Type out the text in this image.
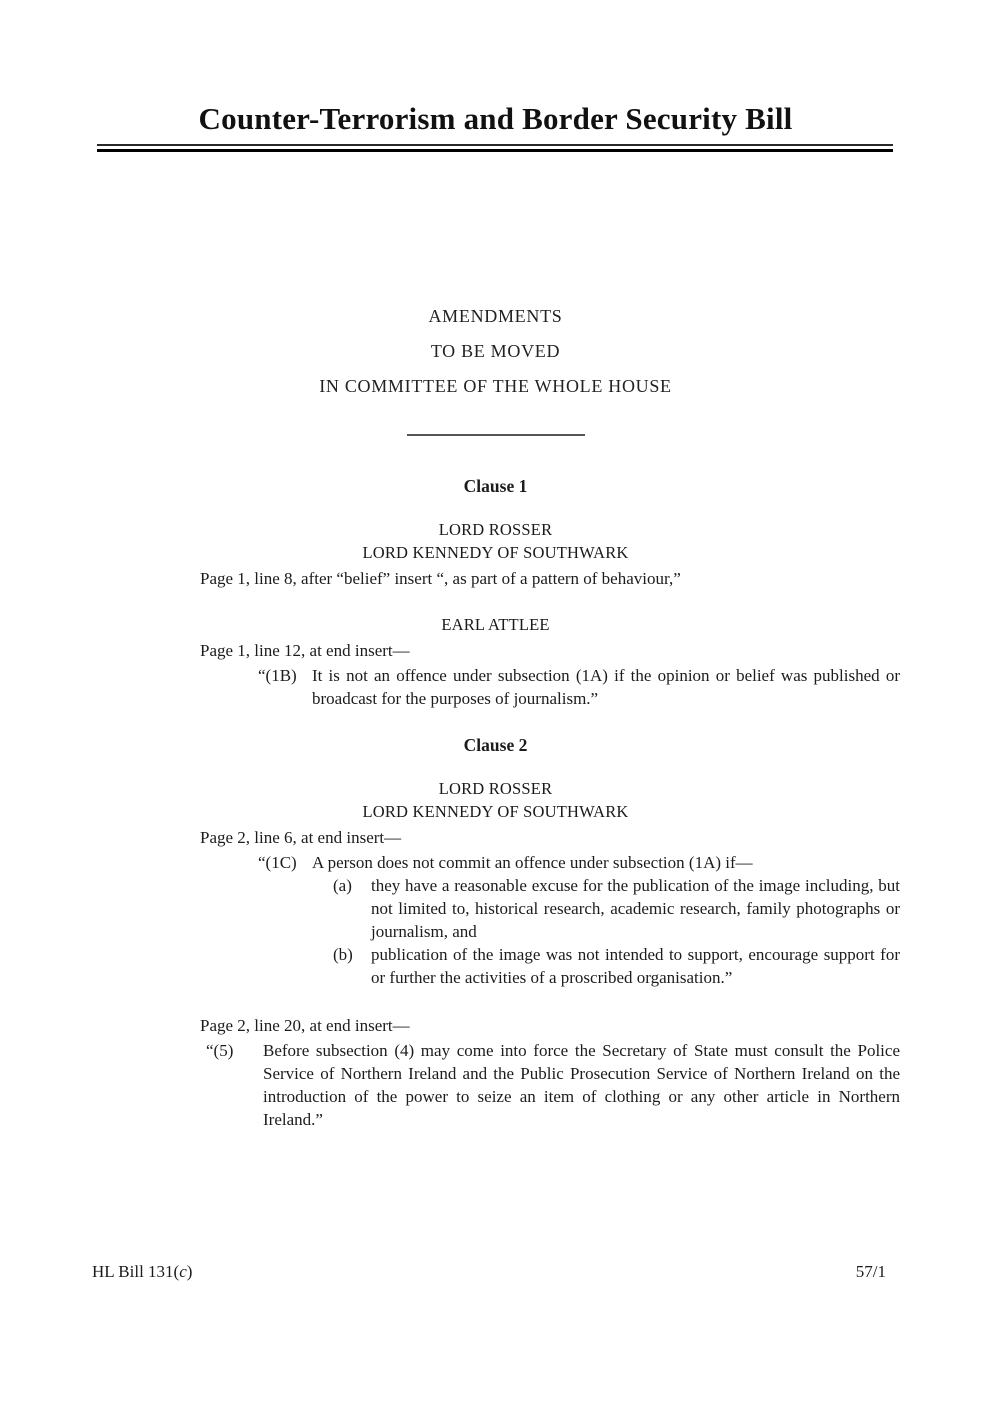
Counter-Terrorism and Border Security Bill

AMENDMENTS

TO BE MOVED

IN COMMITTEE OF THE WHOLE HOUSE

Clause 1
LORD ROSSER
LORD KENNEDY OF SOUTHWARK

Page 1, line 8, after “belief” insert “, as part of a pattern of behaviour,”

EARL ATTLEE

Page 1, line 12, at end insert—

“(1B) It is not an offence under subsection (1A) if the opinion or belief was published or broadcast for the purposes of journalism.”
Clause 2
LORD ROSSER
LORD KENNEDY OF SOUTHWARK

Page 2, line 6, at end insert—

“(1C) A person does not commit an offence under subsection (1A) if—
(a)	they have a reasonable excuse for the publication of the image including, but not limited to, historical research, academic research, family photographs or journalism, and
(b)	publication of the image was not intended to support, encourage support for or further the activities of a proscribed organisation.”

Page 2, line 20, at end insert—

“(5)	Before subsection (4) may come into force the Secretary of State must consult the Police Service of Northern Ireland and the Public Prosecution Service of Northern Ireland on the introduction of the power to seize an item of clothing or any other article in Northern Ireland.”
HL Bill 131(c)	57/1
